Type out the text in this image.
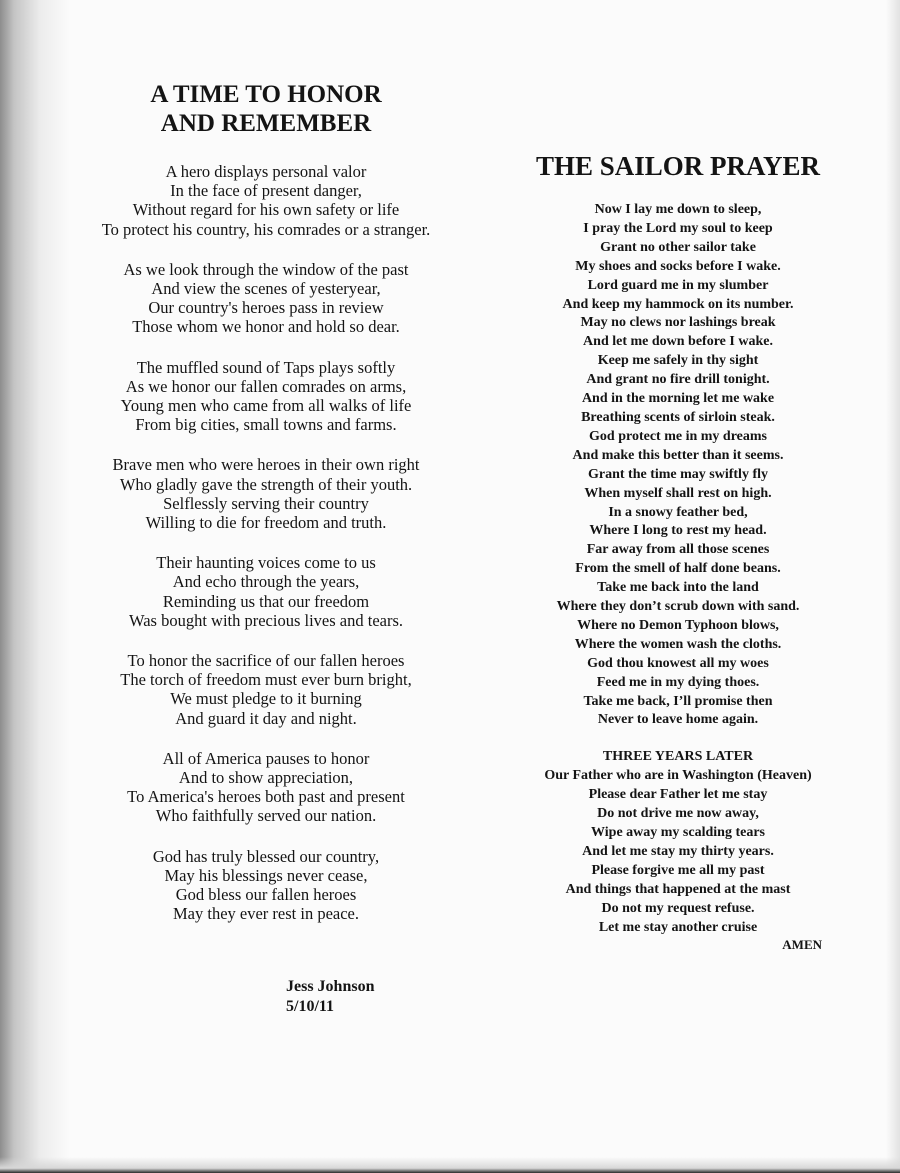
A TIME TO HONOR
AND REMEMBER
A hero displays personal valor
In the face of present danger,
Without regard for his own safety or life
To protect his country, his comrades or a stranger.
As we look through the window of the past
And view the scenes of yesteryear,
Our country's heroes pass in review
Those whom we honor and hold so dear.
The muffled sound of Taps plays softly
As we honor our fallen comrades on arms,
Young men who came from all walks of life
From big cities, small towns and farms.
Brave men who were heroes in their own right
Who gladly gave the strength of their youth.
Selflessly serving their country
Willing to die for freedom and truth.
Their haunting voices come to us
And echo through the years,
Reminding us that our freedom
Was bought with precious lives and tears.
To honor the sacrifice of our fallen heroes
The torch of freedom must ever burn bright,
We must pledge to it burning
And guard it day and night.
All of America pauses to honor
And to show appreciation,
To America's heroes both past and present
Who faithfully served our nation.
God has truly blessed our country,
May his blessings never cease,
God bless our fallen heroes
May they ever rest in peace.
Jess Johnson
5/10/11
THE SAILOR PRAYER
Now I lay me down to sleep,
I pray the Lord my soul to keep
Grant no other sailor take
My shoes and socks before I wake.
Lord guard me in my slumber
And keep my hammock on its number.
May no clews nor lashings break
And let me down before I wake.
Keep me safely in thy sight
And grant no fire drill tonight.
And in the morning let me wake
Breathing scents of sirloin steak.
God protect me in my dreams
And make this better than it seems.
Grant the time may swiftly fly
When myself shall rest on high.
In a snowy feather bed,
Where I long to rest my head.
Far away from all those scenes
From the smell of half done beans.
Take me back into the land
Where they don’t scrub down with sand.
Where no Demon Typhoon blows,
Where the women wash the cloths.
God thou knowest all my woes
Feed me in my dying thoes.
Take me back, I’ll promise then
Never to leave home again.
THREE YEARS LATER
Our Father who are in Washington (Heaven)
Please dear Father let me stay
Do not drive me now away,
Wipe away my scalding tears
And let me stay my thirty years.
Please forgive me all my past
And things that happened at the mast
Do not my request refuse.
Let me stay another cruise
AMEN
